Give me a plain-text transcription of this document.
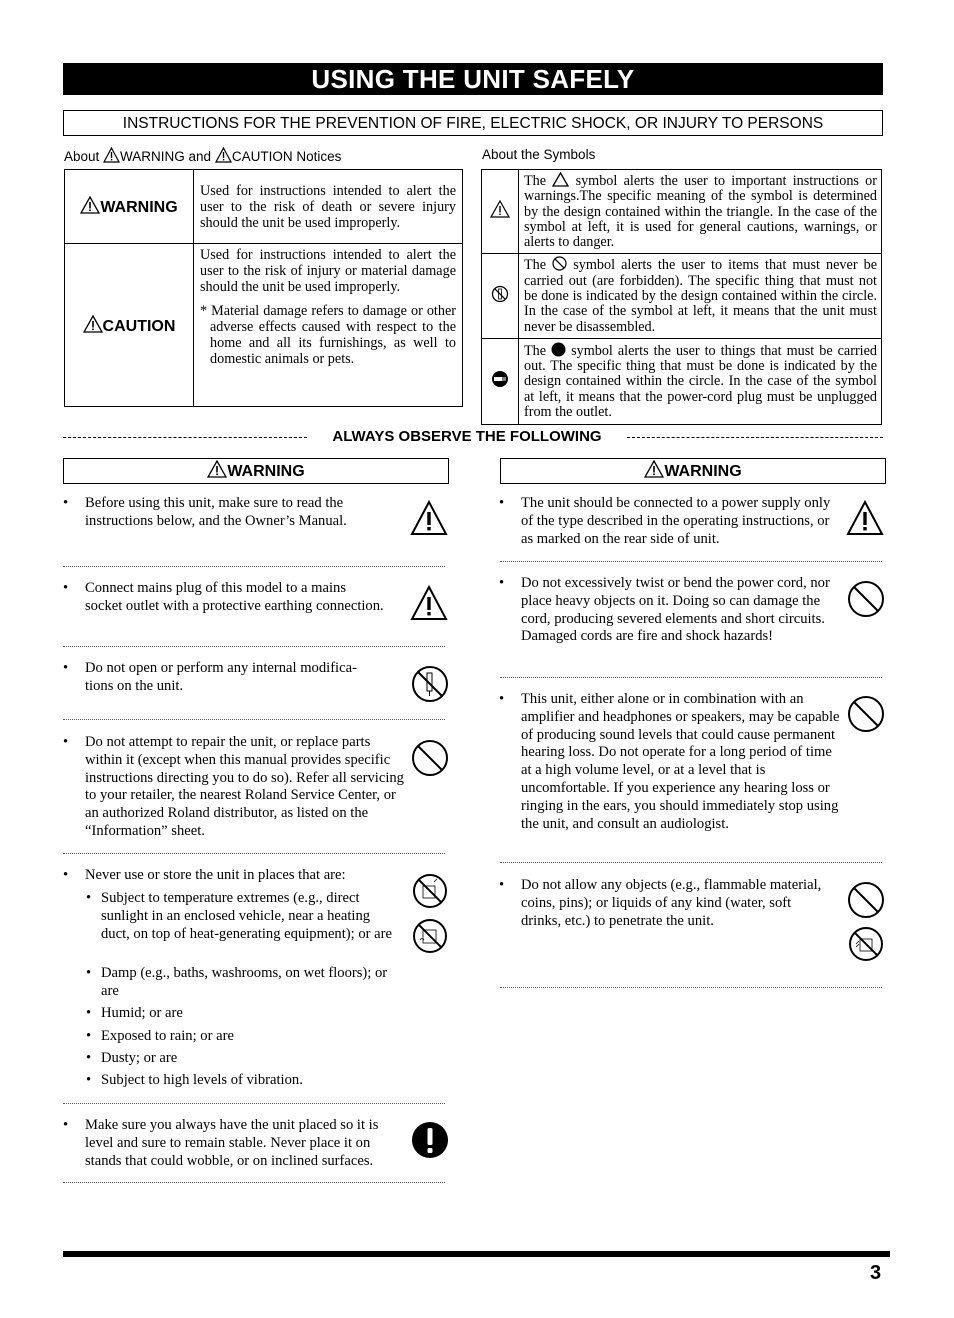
USING THE UNIT SAFELY
INSTRUCTIONS FOR THE PREVENTION OF FIRE, ELECTRIC SHOCK, OR INJURY TO PERSONS
About WARNING and CAUTION Notices
WARNING	Used for instructions intended to alert the user to the risk of death or severe injury should the unit be used improperly.
CAUTION	Used for instructions intended to alert the user to the risk of injury or material damage should the unit be used improperly.
* Material damage refers to damage or other adverse effects caused with respect to the home and all its furnishings, as well to domestic animals or pets.
About the Symbols
	The symbol alerts the user to important instructions or warnings.The specific meaning of the symbol is determined by the design contained within the triangle. In the case of the symbol at left, it is used for general cautions, warnings, or alerts to danger.
	The symbol alerts the user to items that must never be carried out (are forbidden). The specific thing that must not be done is indicated by the design contained within the circle. In the case of the symbol at left, it means that the unit must never be disassembled.
	The symbol alerts the user to things that must be carried out. The specific thing that must be done is indicated by the design contained within the circle. In the case of the symbol at left, it means that the power-cord plug must be unplugged from the outlet.
ALWAYS OBSERVE THE FOLLOWING
WARNING	WARNING
• Before using this unit, make sure to read the instructions below, and the Owner’s Manual.
• Connect mains plug of this model to a mains socket outlet with a protective earthing connection.
• Do not open or perform any internal modifica- tions on the unit.
• Do not attempt to repair the unit, or replace parts within it (except when this manual provides specific instructions directing you to do so). Refer all servicing to your retailer, the nearest Roland Service Center, or an authorized Roland distributor, as listed on the “Information” sheet.
• Never use or store the unit in places that are:
• Subject to temperature extremes (e.g., direct sunlight in an enclosed vehicle, near a heating duct, on top of heat-generating equipment); or are
• Damp (e.g., baths, washrooms, on wet floors); or are
• Humid; or are
• Exposed to rain; or are
• Dusty; or are
• Subject to high levels of vibration.
• Make sure you always have the unit placed so it is level and sure to remain stable. Never place it on stands that could wobble, or on inclined surfaces.
• The unit should be connected to a power supply only of the type described in the operating instructions, or as marked on the rear side of unit.
• Do not excessively twist or bend the power cord, nor place heavy objects on it. Doing so can damage the cord, producing severed elements and short circuits. Damaged cords are fire and shock hazards!
• This unit, either alone or in combination with an amplifier and headphones or speakers, may be capable of producing sound levels that could cause permanent hearing loss. Do not operate for a long period of time at a high volume level, or at a level that is uncomfortable. If you experience any hearing loss or ringing in the ears, you should immediately stop using the unit, and consult an audiologist.
• Do not allow any objects (e.g., flammable material, coins, pins); or liquids of any kind (water, soft drinks, etc.) to penetrate the unit.
3
